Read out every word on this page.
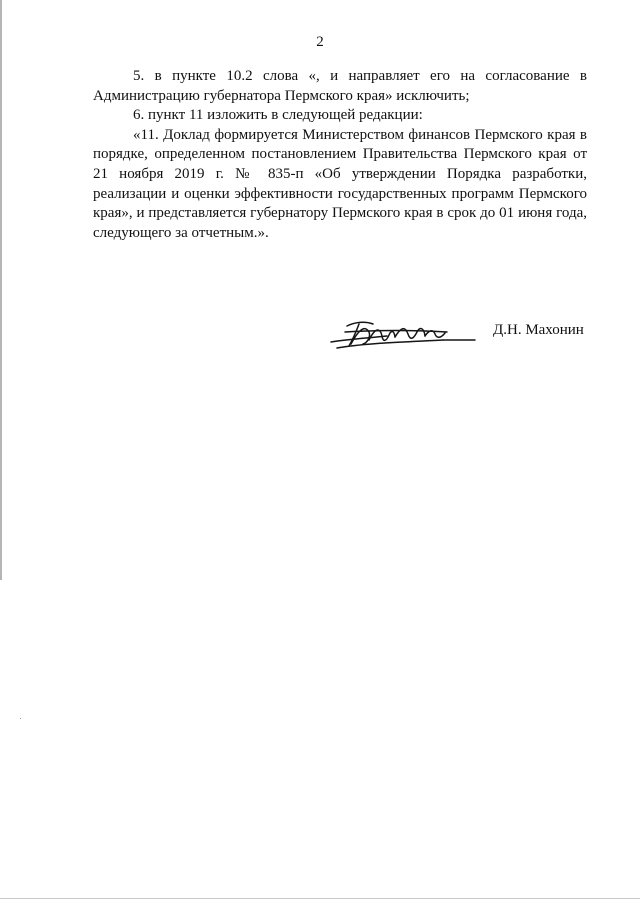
2

5. в пункте 10.2 слова «, и направляет его на согласование в Администрацию губернатора Пермского края» исключить;

6. пункт 11 изложить в следующей редакции:

«11. Доклад формируется Министерством финансов Пермского края в порядке, определенном постановлением Правительства Пермского края от 21 ноября 2019 г. № 835-п «Об утверждении Порядка разработки, реализации и оценки эффективности государственных программ Пермского края», и представляется губернатору Пермского края в срок до 01 июня года, следующего за отчетным.».

Д.Н. Махонин
